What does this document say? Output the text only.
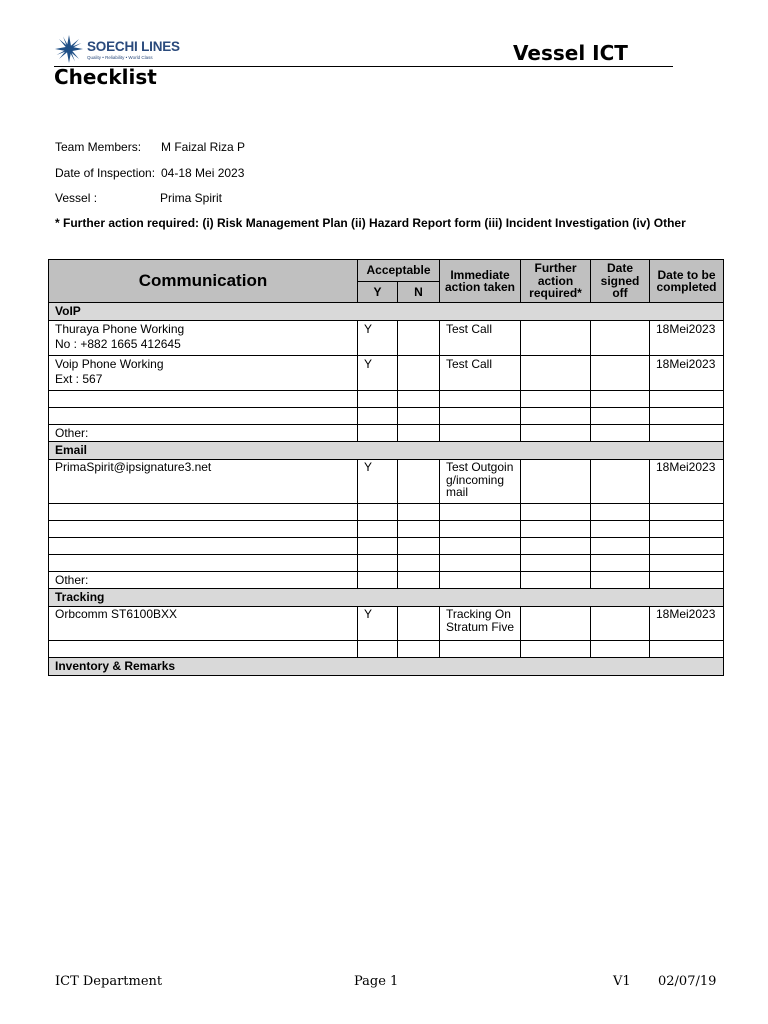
SOECHI LINES
Quality • Reliability • World Class	Vessel ICT
Checklist
Team Members: M Faizal Riza P
Date of Inspection: 04-18 Mei 2023
Vessel :	Prima Spirit
* Further action required: (i) Risk Management Plan (ii) Hazard Report form (iii) Incident Investigation (iv) Other
Communication	Acceptable		Immediate action taken	Further action required*	Date signed off	Date to be completed
	Y	N				
VoIP						
Thuraya Phone Working
No : +882 1665 412645	Y		Test Call			18Mei2023
Voip Phone Working
Ext : 567	Y		Test Call			18Mei2023

Other:						
Email						
PrimaSpirit@ipsignature3.net	Y		Test Outgoing/incoming mail			18Mei2023

Other:						
Tracking						
Orbcomm ST6100BXX	Y		Tracking On Stratum Five			18Mei2023

Inventory & Remarks						
ICT Department	Page 1	V1 02/07/19
